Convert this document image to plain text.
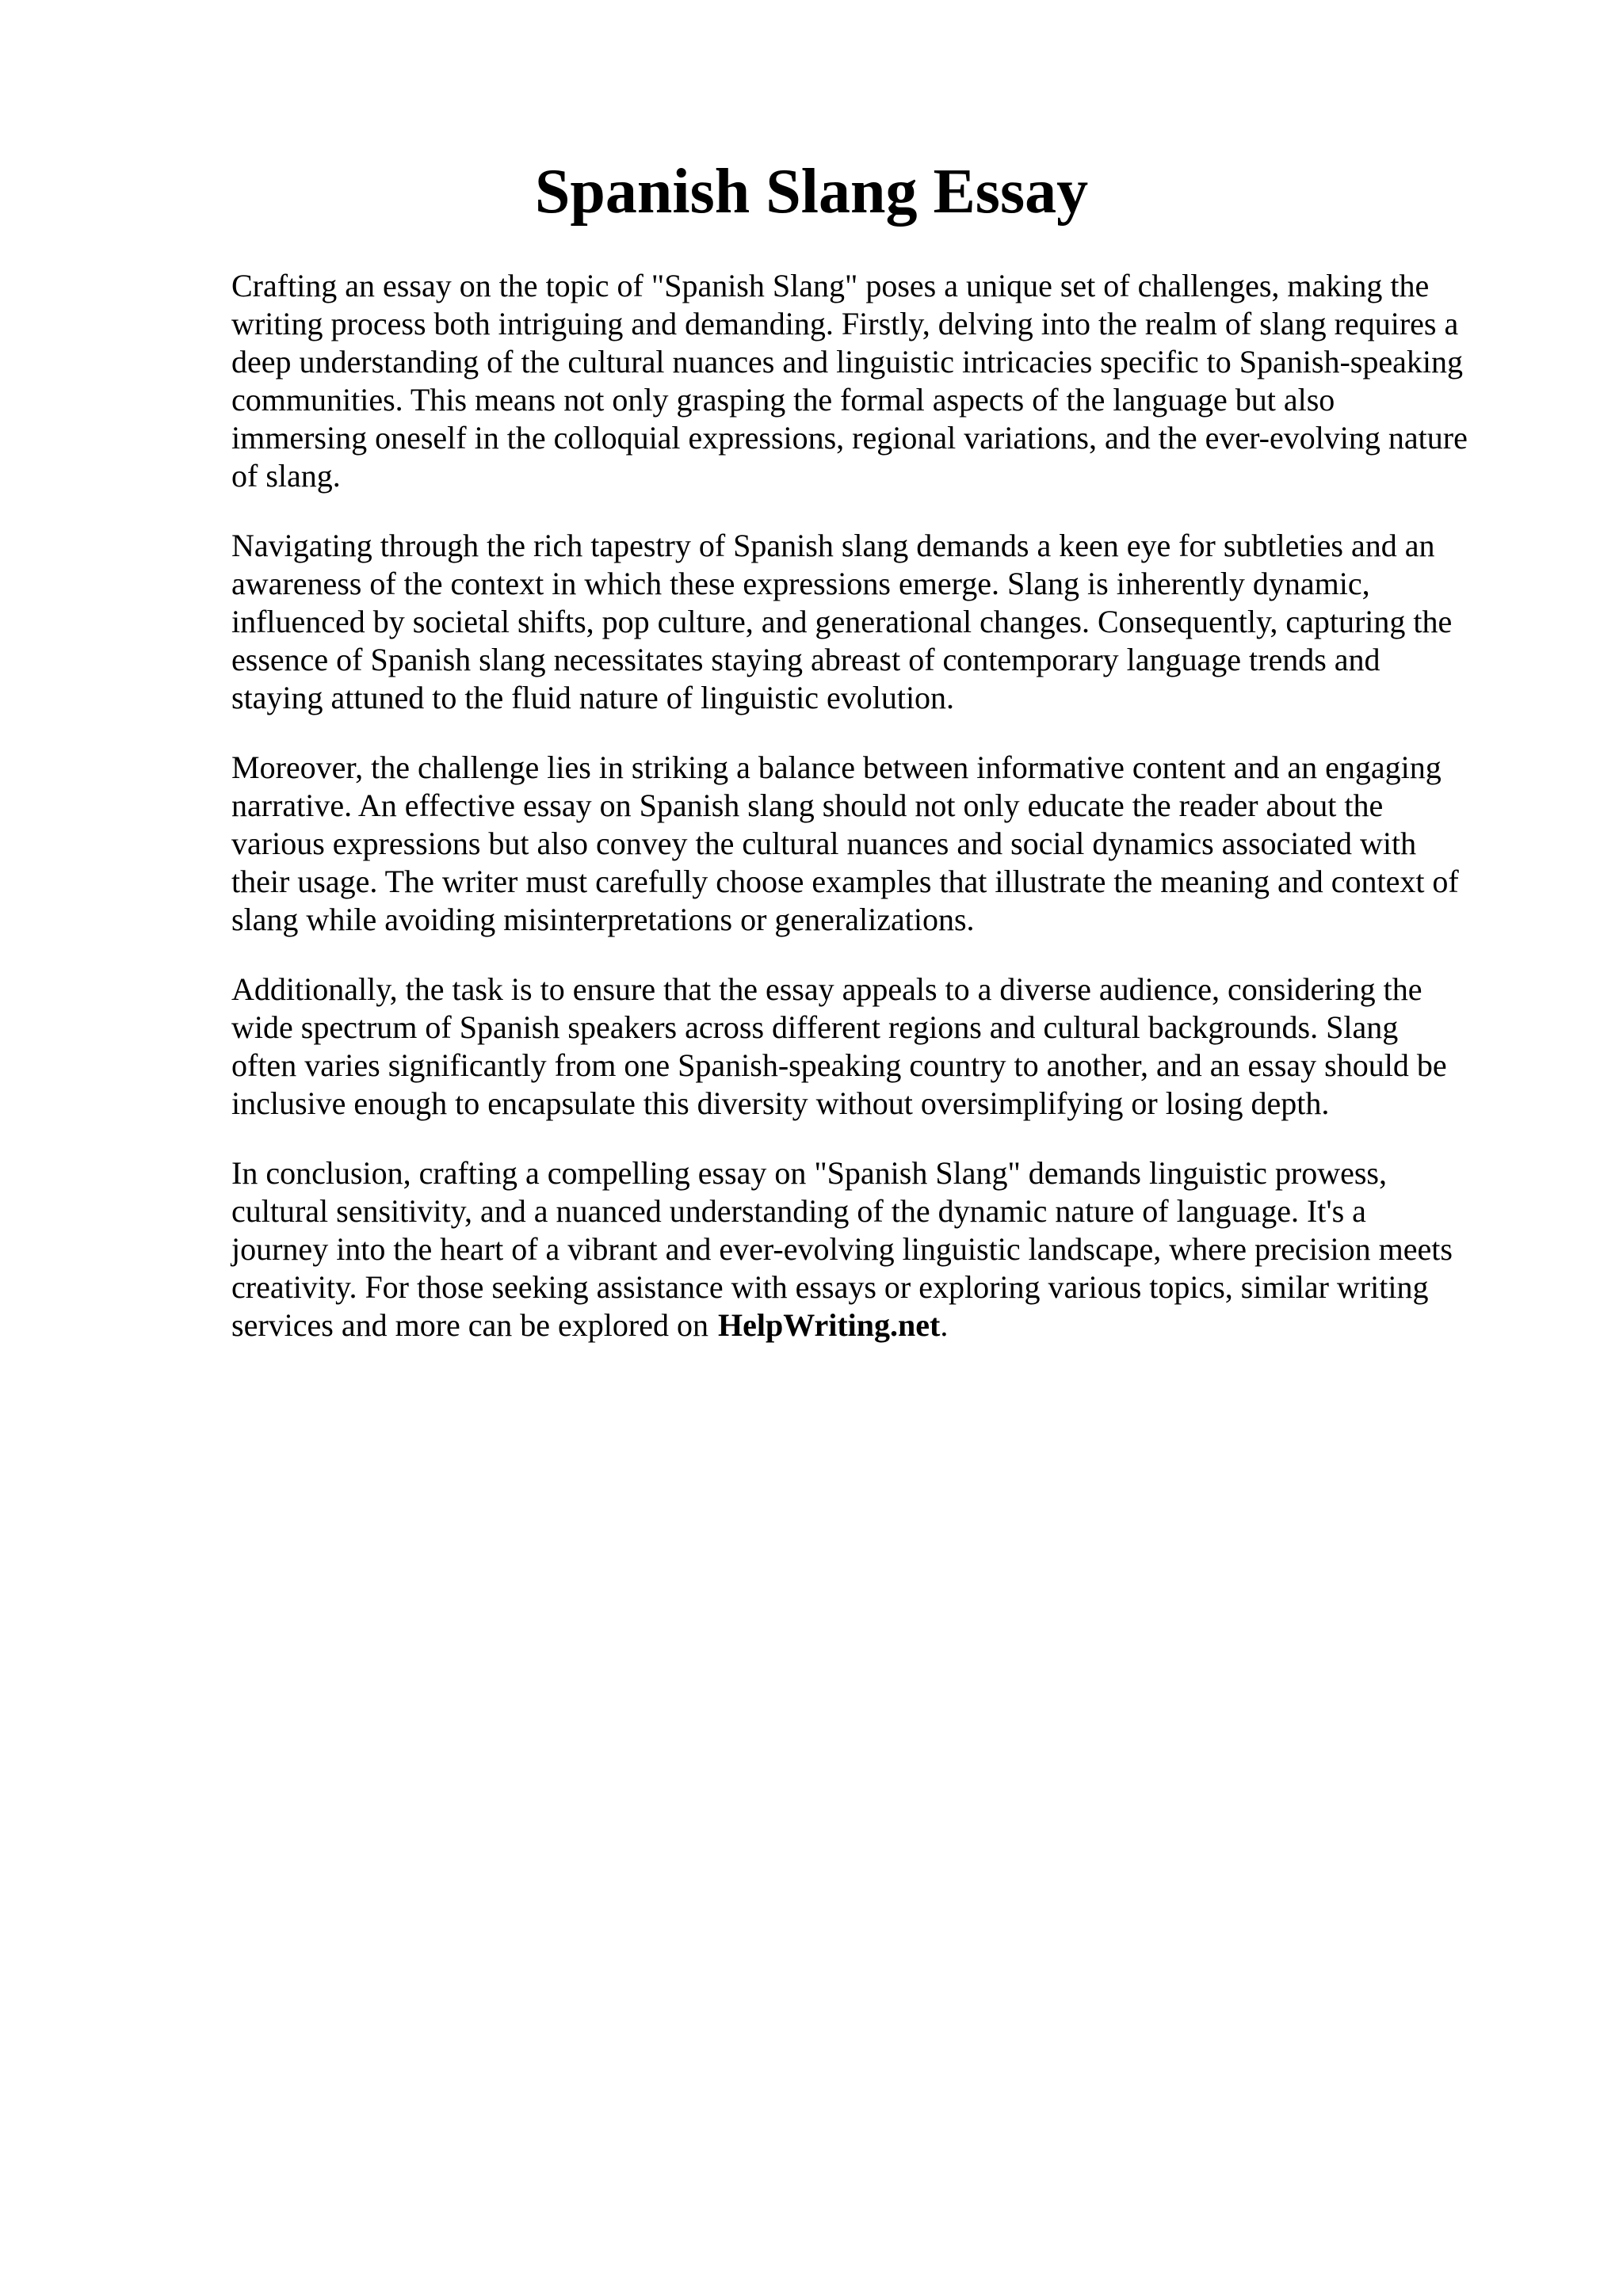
Spanish Slang Essay

Crafting an essay on the topic of "Spanish Slang" poses a unique set of challenges, making the
writing process both intriguing and demanding. Firstly, delving into the realm of slang requires a
deep understanding of the cultural nuances and linguistic intricacies specific to Spanish-speaking
communities. This means not only grasping the formal aspects of the language but also
immersing oneself in the colloquial expressions, regional variations, and the ever-evolving nature
of slang.

Navigating through the rich tapestry of Spanish slang demands a keen eye for subtleties and an
awareness of the context in which these expressions emerge. Slang is inherently dynamic,
influenced by societal shifts, pop culture, and generational changes. Consequently, capturing the
essence of Spanish slang necessitates staying abreast of contemporary language trends and
staying attuned to the fluid nature of linguistic evolution.

Moreover, the challenge lies in striking a balance between informative content and an engaging
narrative. An effective essay on Spanish slang should not only educate the reader about the
various expressions but also convey the cultural nuances and social dynamics associated with
their usage. The writer must carefully choose examples that illustrate the meaning and context of
slang while avoiding misinterpretations or generalizations.

Additionally, the task is to ensure that the essay appeals to a diverse audience, considering the
wide spectrum of Spanish speakers across different regions and cultural backgrounds. Slang
often varies significantly from one Spanish-speaking country to another, and an essay should be
inclusive enough to encapsulate this diversity without oversimplifying or losing depth.

In conclusion, crafting a compelling essay on "Spanish Slang" demands linguistic prowess,
cultural sensitivity, and a nuanced understanding of the dynamic nature of language. It's a
journey into the heart of a vibrant and ever-evolving linguistic landscape, where precision meets
creativity. For those seeking assistance with essays or exploring various topics, similar writing
services and more can be explored on HelpWriting.net.
